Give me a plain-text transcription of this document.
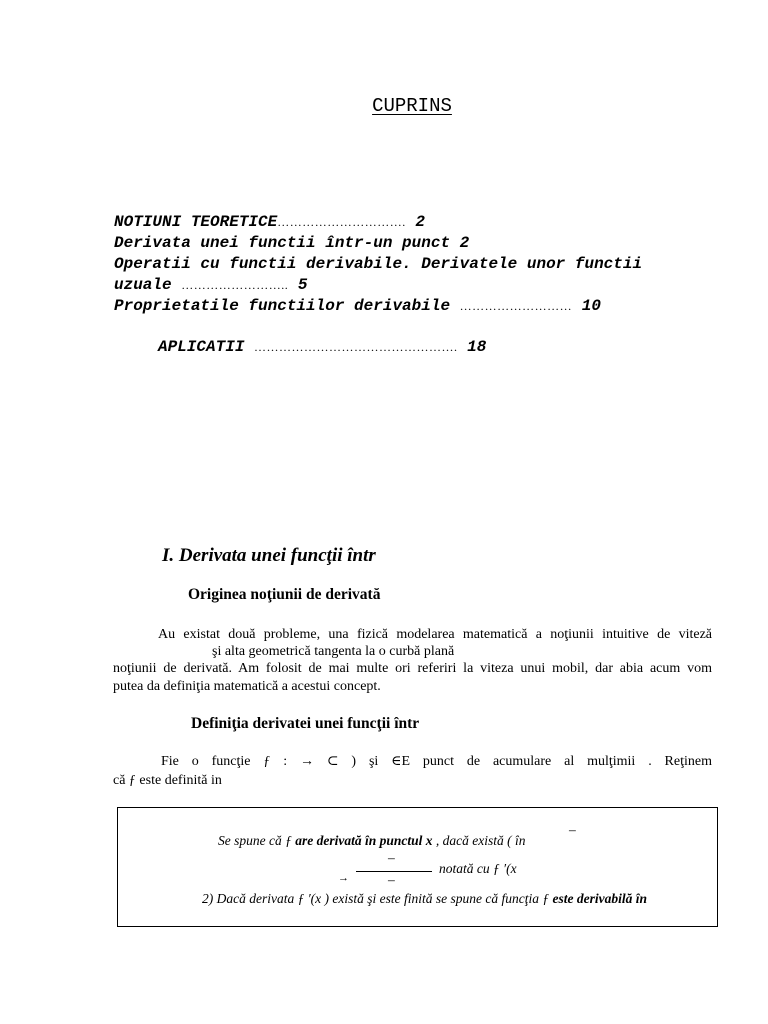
CUPRINS
NOTIUNI TEORETICE…………………………. 2
Derivata unei functii într-un punct 2
Operatii cu functii derivabile. Derivatele unor functii
uzuale …………………….. 5
Proprietatile functiilor derivabile ……………………… 10
APLICATII …………………………………………. 18
I. Derivata unei funcţii într
Originea noţiunii de derivată
Au existat două probleme, una fizică modelarea matematică a noţiunii intuitive de viteză
şi alta geometrică tangenta la o curbă plană
noţiunii de derivată. Am folosit de mai multe ori referiri la viteza unui mobil, dar abia acum vom
putea da definiţia matematică a acestui concept.
Definiţia derivatei unei funcţii într
Fie o funcţie ƒ : → ⊂ ) şi ∈E punct de acumulare al mulţimii . Reţinem
că ƒ este definită in
Se spune că ƒ are derivată în punctul x , dacă există ( în
–
–
–
→
notată cu ƒ ′(x
2) Dacă derivata ƒ ′(x ) există şi este finită se spune că funcţia ƒ este derivabilă în
